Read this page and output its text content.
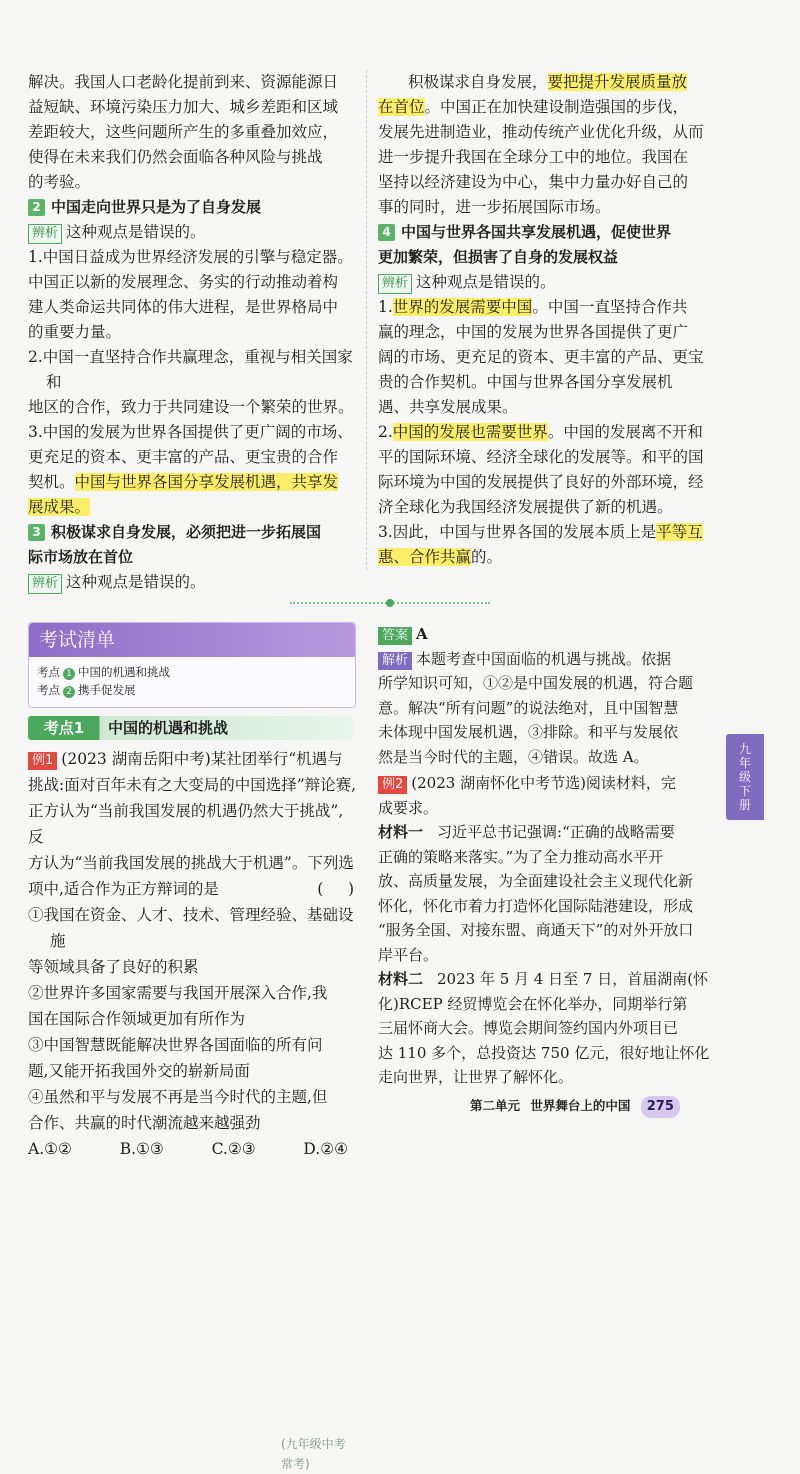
解决。我国人口老龄化提前到来、资源能源日

益短缺、环境污染压力加大、城乡差距和区域

差距较大，这些问题所产生的多重叠加效应，

使得在未来我们仍然会面临各种风险与挑战

的考验。

2 中国走向世界只是为了自身发展

辨析 这种观点是错误的。

1.中国日益成为世界经济发展的引擎与稳定器。

中国正以新的发展理念、务实的行动推动着构

建人类命运共同体的伟大进程，是世界格局中

的重要力量。

2.中国一直坚持合作共赢理念，重视与相关国家和

地区的合作，致力于共同建设一个繁荣的世界。

3.中国的发展为世界各国提供了更广阔的市场、

更充足的资本、更丰富的产品、更宝贵的合作

契机。中国与世界各国分享发展机遇，共享发

展成果。

3 积极谋求自身发展，必须把进一步拓展国

际市场放在首位

辨析 这种观点是错误的。

积极谋求自身发展，要把提升发展质量放

在首位。中国正在加快建设制造强国的步伐，

发展先进制造业，推动传统产业优化升级，从而

进一步提升我国在全球分工中的地位。我国在

坚持以经济建设为中心，集中力量办好自己的

事的同时，进一步拓展国际市场。

4 中国与世界各国共享发展机遇，促使世界

更加繁荣，但损害了自身的发展权益

辨析 这种观点是错误的。

1.世界的发展需要中国。中国一直坚持合作共

赢的理念，中国的发展为世界各国提供了更广

阔的市场、更充足的资本、更丰富的产品、更宝

贵的合作契机。中国与世界各国分享发展机

遇、共享发展成果。

2.中国的发展也需要世界。中国的发展离不开和

平的国际环境、经济全球化的发展等。和平的国

际环境为中国的发展提供了良好的外部环境，经

济全球化为我国经济发展提供了新的机遇。

3.因此，中国与世界各国的发展本质上是平等互

惠、合作共赢的。

考试清单
考点 1 中国的机遇和挑战
考点 2 携手促发展
考点1	中国的机遇和挑战
(九年级中考常考)

例1 (2023 湖南岳阳中考)某社团举行“机遇与

挑战:面对百年未有之大变局的中国选择”辩论赛,

正方认为“当前我国发展的机遇仍然大于挑战”,反

方认为“当前我国发展的挑战大于机遇”。下列选

项中,适合作为正方辩词的是	(     )

①我国在资金、人才、技术、管理经验、基础设施

等领域具备了良好的积累

②世界许多国家需要与我国开展深入合作,我

国在国际合作领域更加有所作为

③中国智慧既能解决世界各国面临的所有问

题,又能开拓我国外交的崭新局面

④虽然和平与发展不再是当今时代的主题,但

合作、共赢的时代潮流越来越强劲

A.①②	B.①③	C.②③	D.②④

答案 A

解析 本题考查中国面临的机遇与挑战。依据

所学知识可知，①②是中国发展的机遇，符合题

意。解决“所有问题”的说法绝对，且中国智慧

未体现中国发展机遇，③排除。和平与发展依

然是当今时代的主题，④错误。故选 A。

例2 (2023 湖南怀化中考节选)阅读材料，完

成要求。

材料一 习近平总书记强调:“正确的战略需要

正确的策略来落实。”为了全力推动高水平开

放、高质量发展，为全面建设社会主义现代化新

怀化，怀化市着力打造怀化国际陆港建设，形成

“服务全国、对接东盟、商通天下”的对外开放口

岸平台。

材料二 2023 年 5 月 4 日至 7 日，首届湖南(怀

化)RCEP 经贸博览会在怀化举办，同期举行第

三届怀商大会。博览会期间签约国内外项目已

达 110 多个，总投资达 750 亿元，很好地让怀化

走向世界，让世界了解怀化。

九
年
级
下
册
第二单元 世界舞台上的中国 275
